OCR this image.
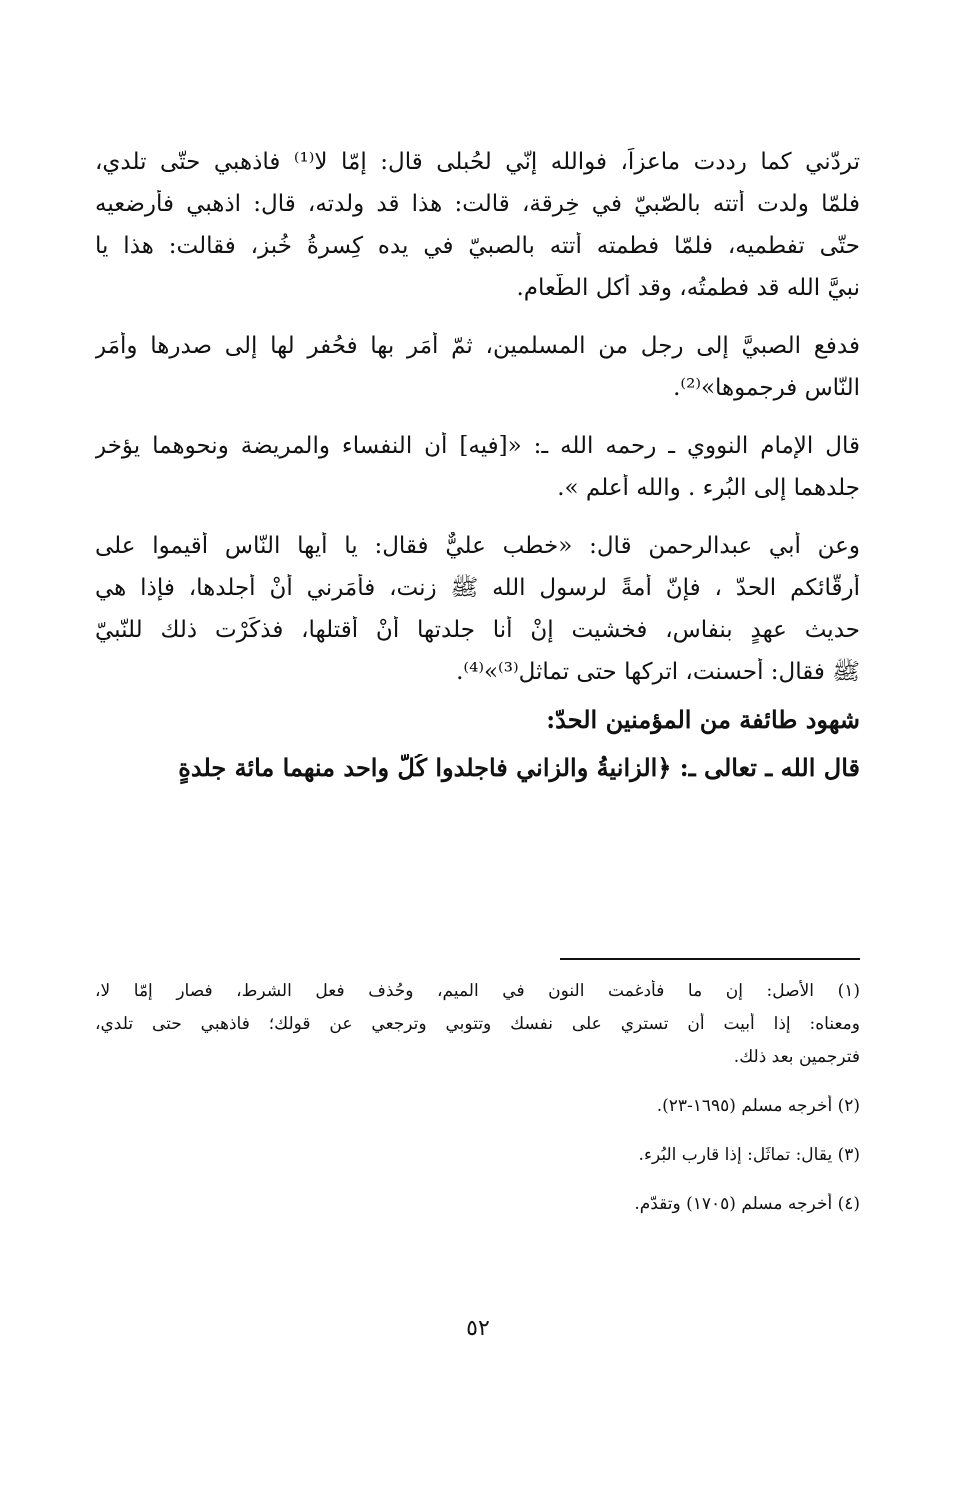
تردّني كما رددت ماعزاً، فوالله إنّي لحُبلى قال: إمّا لا⁽¹⁾ فاذهبي حتّى تلدي،
فلمّا ولدت أتته بالصّبيّ في خِرقة، قالت: هذا قد ولدته، قال: اذهبي فأرضعيه
حتّى تفطميه، فلمّا فطمته أتته بالصبيّ في يده كِسرةُ خُبز، فقالت: هذا يا
نبيَّ الله قد فطمتُه، وقد أكل الطّعام.
فدفع الصبيَّ إلى رجل من المسلمين، ثمّ أمَر بها فحُفر لها إلى صدرها وأمَر
النّاس فرجموها»⁽²⁾.
قال الإمام النووي ـ رحمه الله ـ: «[فيه] أن النفساء والمريضة ونحوهما يؤخر
جلدهما إلى البُرء . والله أعلم ».
وعن أبي عبدالرحمن قال: «خطب عليٌّ فقال: يا أيها النّاس أقيموا على
أرقّائكم الحدّ ، فإنّ أمةً لرسول الله ﷺ زنت، فأمَرني أنْ أجلدها، فإذا هي
حديث عهدٍ بنفاس، فخشيت إنْ أنا جلدتها أنْ أقتلها، فذكَرْت ذلك للنّبيّ
ﷺ فقال: أحسنت، اتركها حتى تماثل⁽³⁾»⁽⁴⁾.
شهود طائفة من المؤمنين الحدّ:
قال الله ـ تعالى ـ: ﴿الزانيةُ والزاني فاجلدوا كُلَّ واحد منهما مائة جلدةٍ
(١) الأصل: إن ما فأُدغمت النون في الميم، وحُذف فعل الشرط، فصار إمّا لا،
ومعناه: إذا أبيت أن تستري على نفسك وتتوبي وترجعي عن قولك؛ فاذهبي حتى تلدي،
فترجمين بعد ذلك.
(٢) أخرجه مسلم (١٦٩٥-٢٣).
(٣) يقال: تماثَل: إذا قارب البُرء.
(٤) أخرجه مسلم (١٧٠٥) وتقدّم.
٥٢
